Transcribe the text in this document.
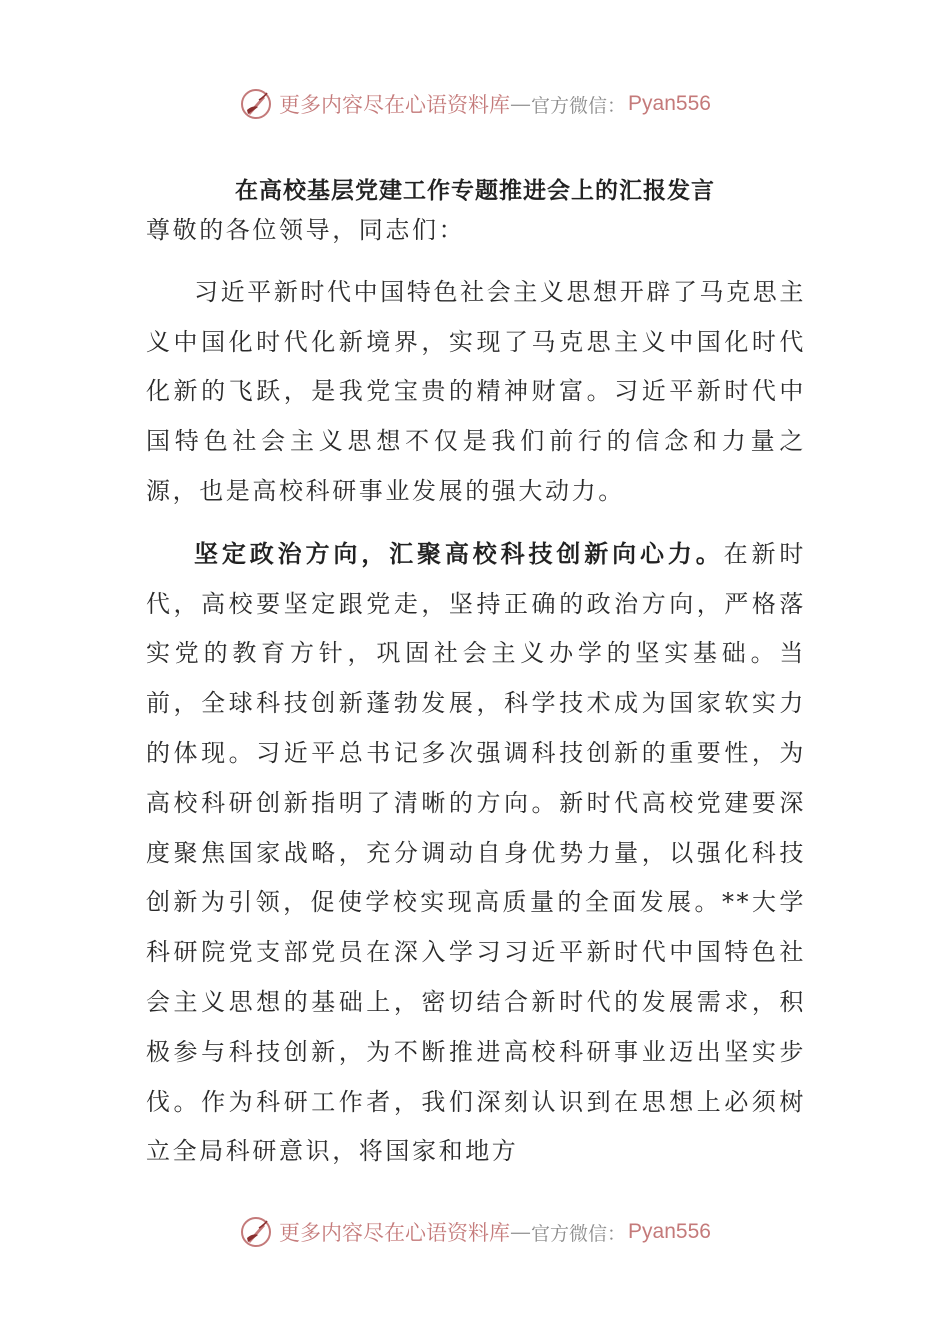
更多内容尽在心语资料库 — 官方微信： Pyan556
在高校基层党建工作专题推进会上的汇报发言

尊敬的各位领导，同志们：

习近平新时代中国特色社会主义思想开辟了马克思主义中国化时代化新境界，实现了马克思主义中国化时代化新的飞跃，是我党宝贵的精神财富。习近平新时代中国特色社会主义思想不仅是我们前行的信念和力量之源，也是高校科研事业发展的强大动力。

坚定政治方向，汇聚高校科技创新向心力。在新时代，高校要坚定跟党走，坚持正确的政治方向，严格落实党的教育方针，巩固社会主义办学的坚实基础。当前，全球科技创新蓬勃发展，科学技术成为国家软实力的体现。习近平总书记多次强调科技创新的重要性，为高校科研创新指明了清晰的方向。新时代高校党建要深度聚焦国家战略，充分调动自身优势力量，以强化科技创新为引领，促使学校实现高质量的全面发展。**大学科研院党支部党员在深入学习习近平新时代中国特色社会主义思想的基础上，密切结合新时代的发展需求，积极参与科技创新，为不断推进高校科研事业迈出坚实步伐。作为科研工作者，我们深刻认识到在思想上必须树立全局科研意识，将国家和地方

更多内容尽在心语资料库 — 官方微信： Pyan556
